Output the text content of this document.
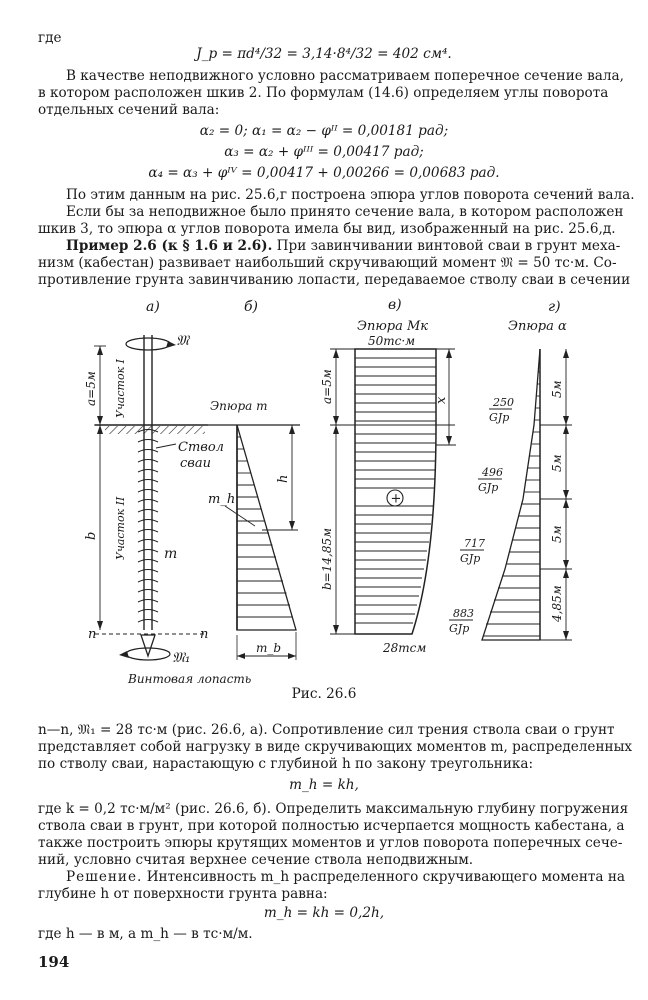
где

J_p = πd⁴/32 = 3,14·8⁴/32 = 402 см⁴.

В качестве неподвижного условно рассматриваем поперечное сечение вала,

в котором расположен шкив 2. По формулам (14.6) определяем углы поворота

отдельных сечений вала:

α₂ = 0; α₁ = α₂ − φᴵᴵ = 0,00181 рад;

α₃ = α₂ + φᴵᴵᴵ = 0,00417 рад;

α₄ = α₃ + φᴵⱽ = 0,00417 + 0,00266 = 0,00683 рад.

По этим данным на рис. 25.6,г построена эпюра углов поворота сечений вала.

Если бы за неподвижное было принято сечение вала, в котором расположен

шкив 3, то эпюра α углов поворота имела бы вид, изображенный на рис. 25.6,д.

Пример 2.6 (к § 1.6 и 2.6). При завинчивании винтовой сваи в грунт меха-

низм (кабестан) развивает наибольший скручивающий момент 𝔐 = 50 тс·м. Со-

противление грунта завинчиванию лопасти, передаваемое стволу сваи в сечении

а)	б)	в)	г)
𝔐
n	n
𝔐₁
Винтовая лопасть
a=5м
b
Участок I
Участок II
Ствол
сваи
m
Эпюра m
h
m_h
m_b
Эпюра Mк
50тс·м
+
a=5м
b=14,85м
x
28тсм
Эпюра α
5м
5м
5м
4,85м
250
GJp
496
GJp
717
GJp
883
GJp

Рис. 26.6

n—n, 𝔐₁ = 28 тс·м (рис. 26.6, а). Сопротивление сил трения ствола сваи о грунт

представляет собой нагрузку в виде скручивающих моментов m, распределенных

по стволу сваи, нарастающую с глубиной h по закону треугольника:

m_h = kh,

где k = 0,2 тс·м/м² (рис. 26.6, б). Определить максимальную глубину погружения

ствола сваи в грунт, при которой полностью исчерпается мощность кабестана, а

также построить эпюры крутящих моментов и углов поворота поперечных сече-

ний, условно считая верхнее сечение ствола неподвижным.

Решение. Интенсивность m_h распределенного скручивающего момента на

глубине h от поверхности грунта равна:

m_h = kh = 0,2h,

где h — в м, а m_h — в тс·м/м.

194
